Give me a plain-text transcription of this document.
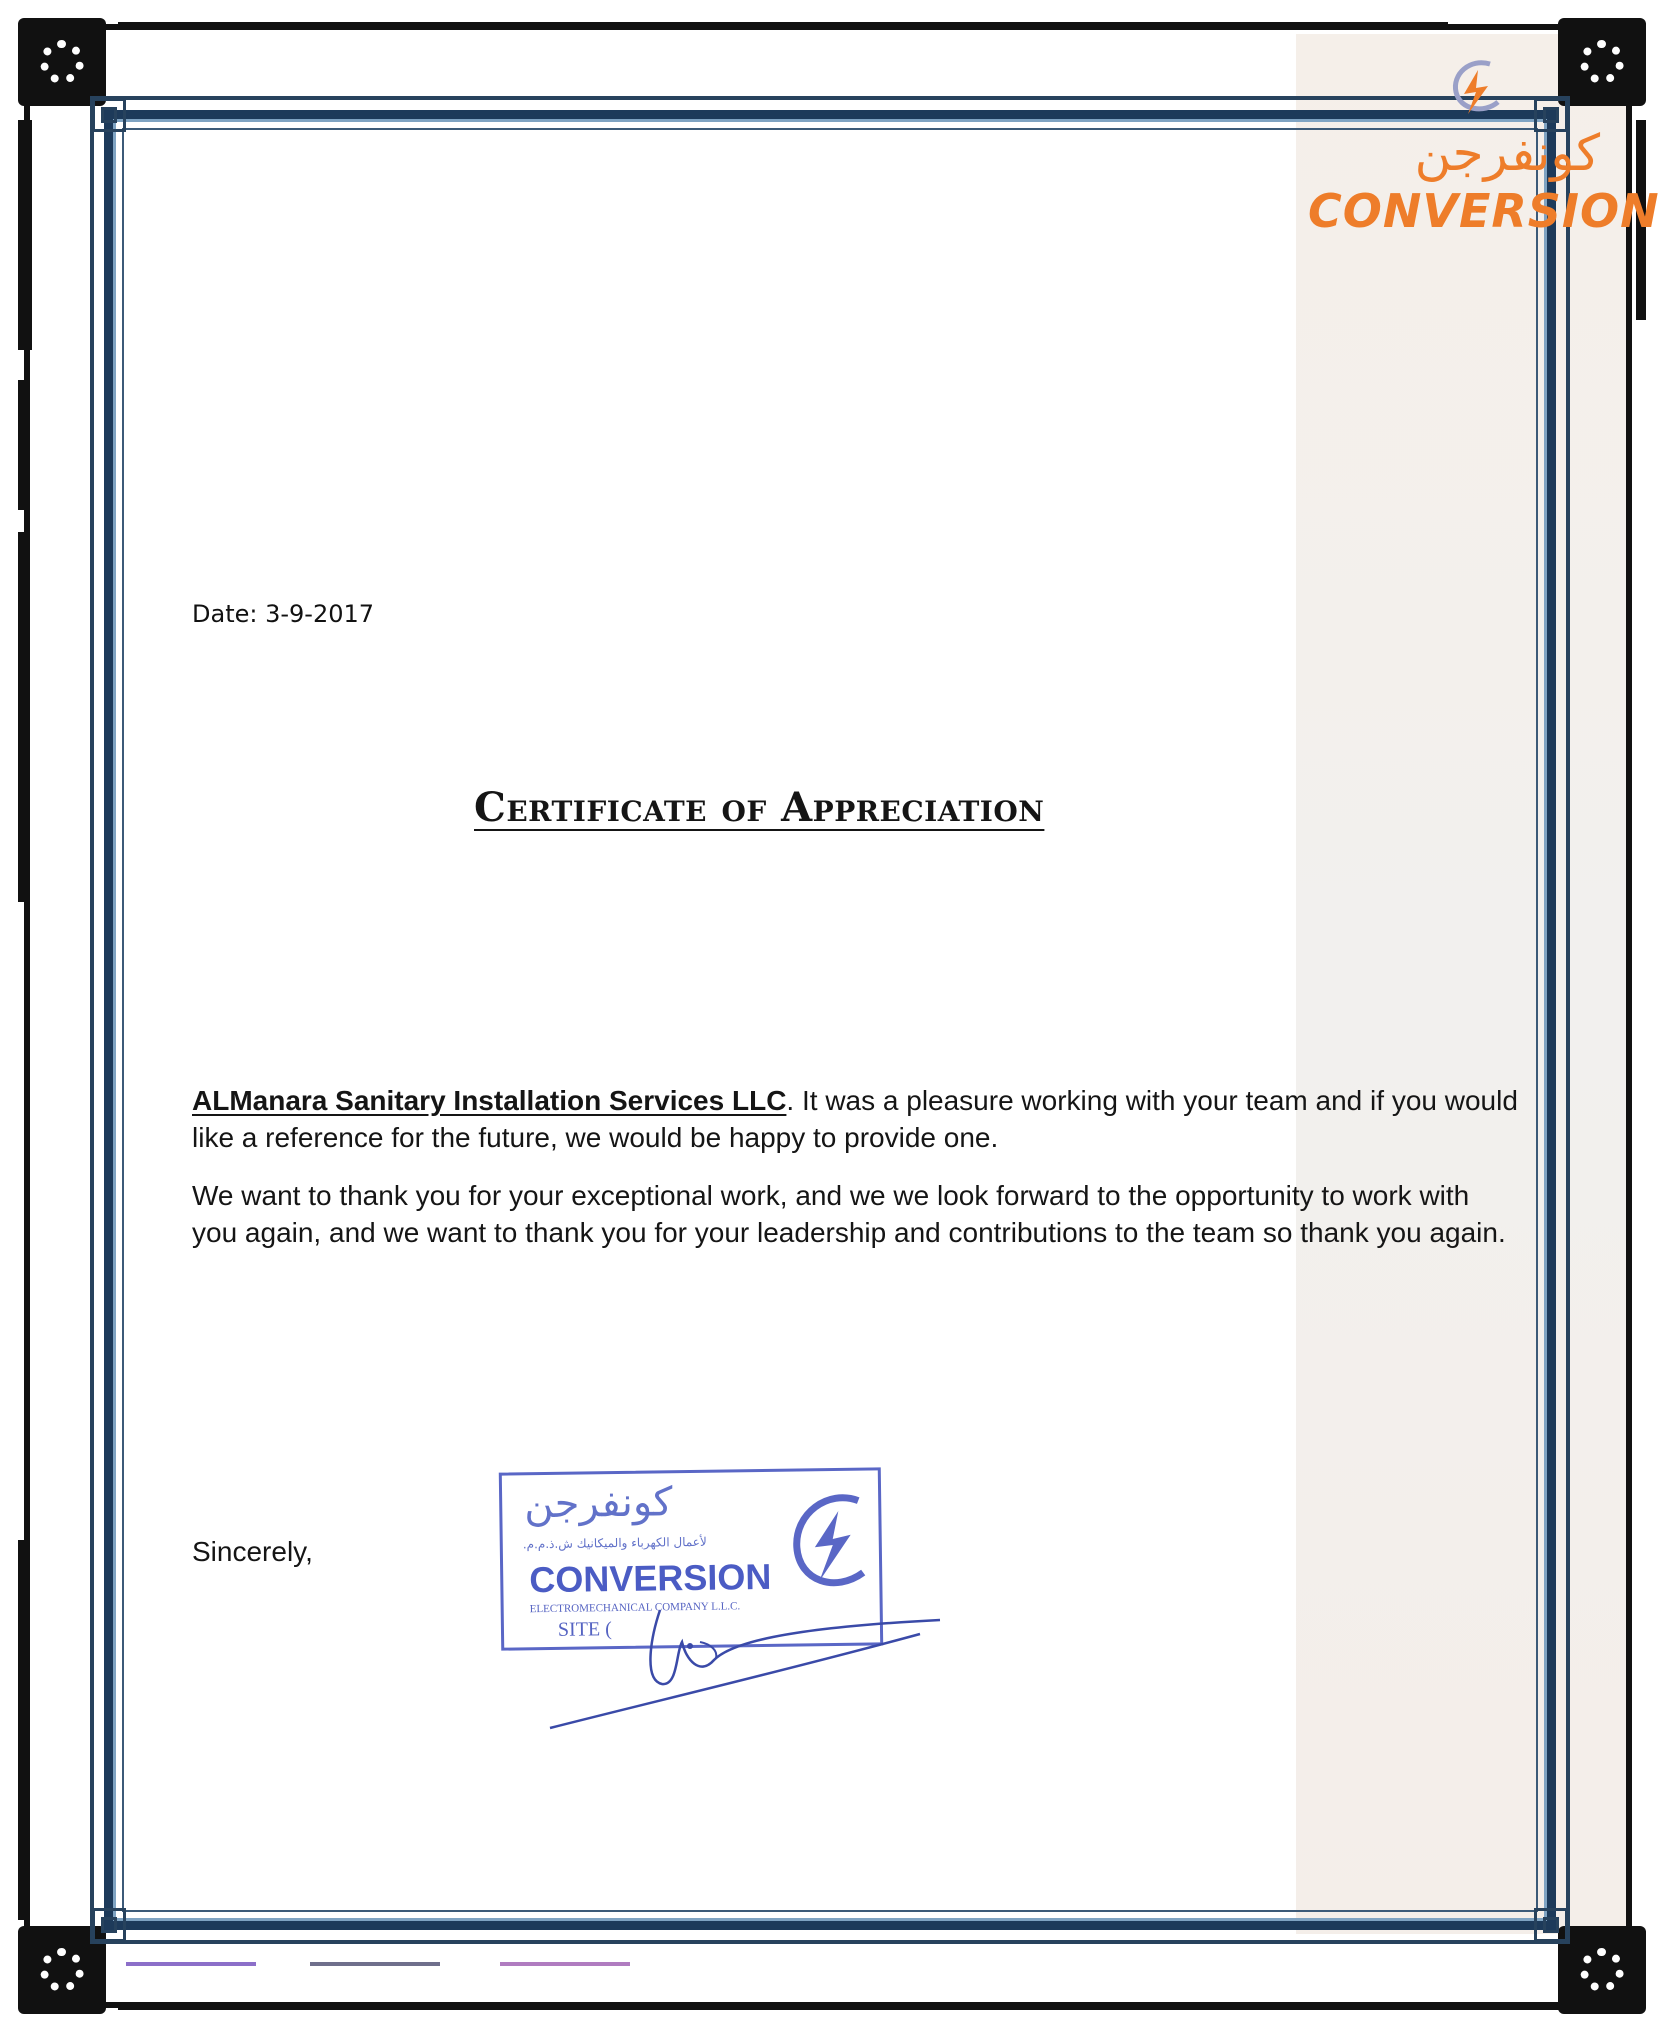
كونفرجن
CONVERSION
Date: 3-9-2017
Certificate of Appreciation
ALManara Sanitary Installation Services LLC. It was a pleasure working with your team and if you would like a reference for the future, we would be happy to provide one.
We want to thank you for your exceptional work, and we we look forward to the opportunity to work with you again, and we want to thank you for your leadership and contributions to the team so thank you again.
Sincerely,
كونفرجن
لأعمال الكهرباء والميكانيك ش.ذ.م.م.
CONVERSION
ELECTROMECHANICAL COMPANY L.L.C.
SITE (
